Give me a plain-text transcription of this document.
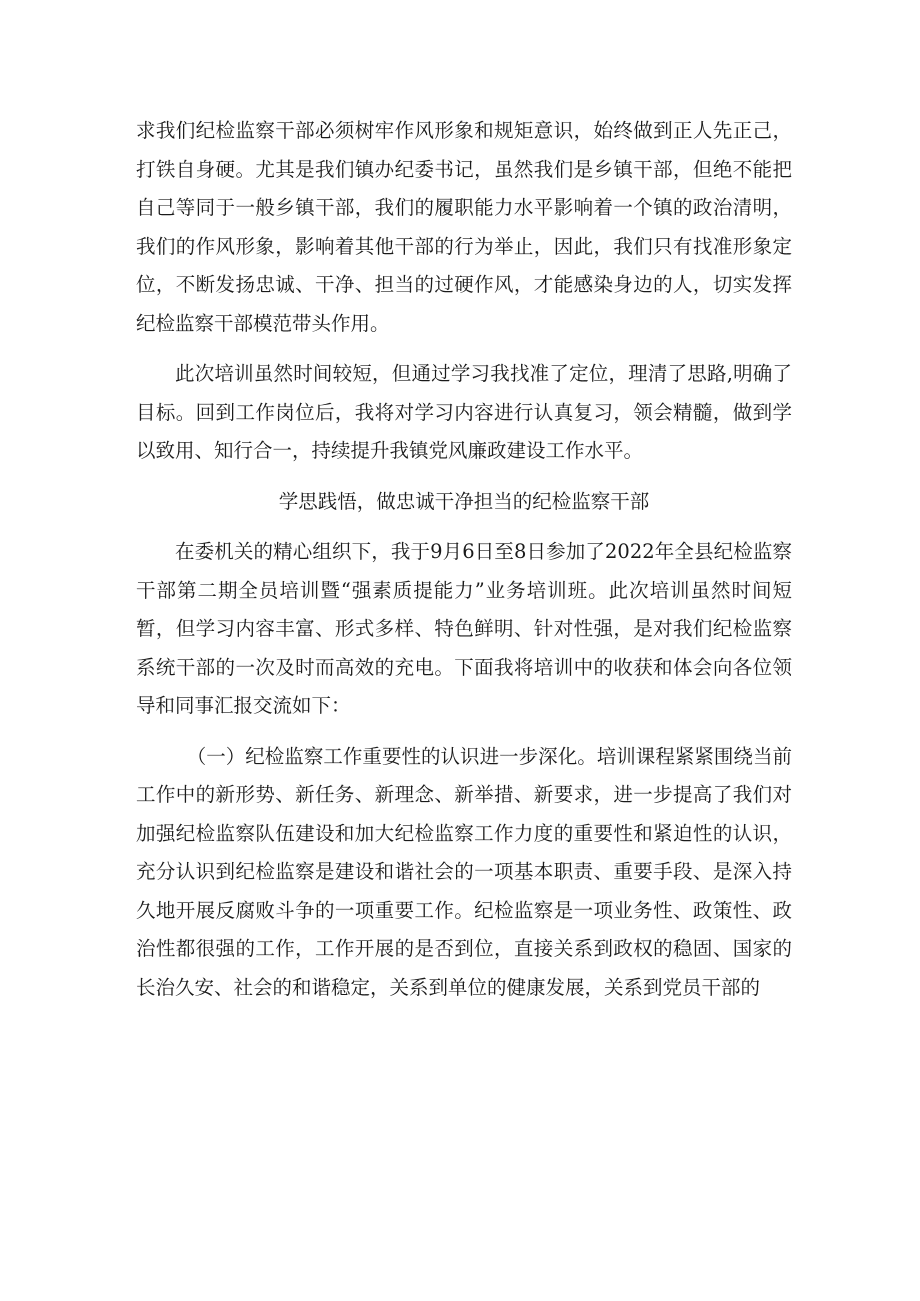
求我们纪检监察干部必须树牢作风形象和规矩意识，始终做到正人先正己，打铁自身硬。尤其是我们镇办纪委书记，虽然我们是乡镇干部，但绝不能把自己等同于一般乡镇干部，我们的履职能力水平影响着一个镇的政治清明，我们的作风形象，影响着其他干部的行为举止，因此，我们只有找准形象定位，不断发扬忠诚、干净、担当的过硬作风，才能感染身边的人，切实发挥纪检监察干部模范带头作用。

此次培训虽然时间较短，但通过学习我找准了定位，理清了思路,明确了目标。回到工作岗位后，我将对学习内容进行认真复习，领会精髓，做到学以致用、知行合一，持续提升我镇党风廉政建设工作水平。

学思践悟，做忠诚干净担当的纪检监察干部

在委机关的精心组织下，我于9月6日至8日参加了2022年全县纪检监察干部第二期全员培训暨“强素质提能力”业务培训班。此次培训虽然时间短暂，但学习内容丰富、形式多样、特色鲜明、针对性强，是对我们纪检监察系统干部的一次及时而高效的充电。下面我将培训中的收获和体会向各位领导和同事汇报交流如下：

（一）纪检监察工作重要性的认识进一步深化。培训课程紧紧围绕当前工作中的新形势、新任务、新理念、新举措、新要求，进一步提高了我们对加强纪检监察队伍建设和加大纪检监察工作力度的重要性和紧迫性的认识，充分认识到纪检监察是建设和谐社会的一项基本职责、重要手段、是深入持久地开展反腐败斗争的一项重要工作。纪检监察是一项业务性、政策性、政治性都很强的工作，工作开展的是否到位，直接关系到政权的稳固、国家的长治久安、社会的和谐稳定，关系到单位的健康发展，关系到党员干部的
